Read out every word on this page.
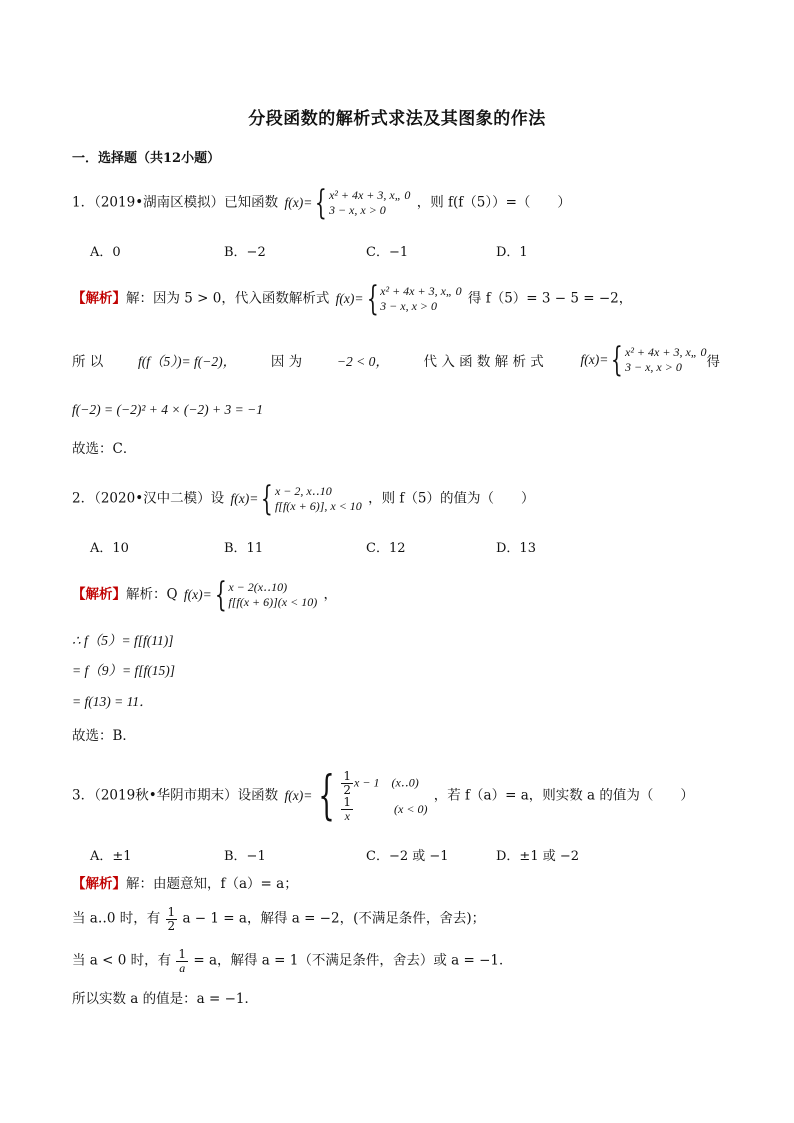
分段函数的解析式求法及其图象的作法
一．选择题（共12小题）
1．（2019•湖南区模拟）已知函数 f(x)= { x² + 4x + 3, x„ 0
3 − x, x > 0	，则 f(f（5））=（　　）
A．0	B．−2	C．−1	D．1
【解析】解：因为 5 > 0，代入函数解析式 f(x)= { x² + 4x + 3, x„ 0
3 − x, x > 0	得 f（5）= 3 − 5 = −2，
所 以	f(f（5）)= f(−2)，	因 为	−2 < 0，	代 入 函 数 解 析 式	f(x)= { x² + 4x + 3, x„ 0
3 − x, x > 0	得
f(−2) = (−2)² + 4 × (−2) + 3 = −1
故选：C．
2．（2020•汉中二模）设 f(x)= { x − 2, x‥10
f[f(x + 6)], x < 10 ，则 f（5）的值为（　　）
A．10	B．11	C．12	D．13
【解析】解析：Q f(x)= { x − 2(x‥10)
f[f(x + 6)](x < 10) ，
∴ f（5）= f[f(11)]
= f（9）= f[f(15)]
= f(13) = 11．
故选：B．
3．（2019秋•华阴市期末）设函数 f(x)= { $\frac{1}{2}$ x − 1　(x‥0)
$\frac{1}{x}$	(x < 0)
，若 f（a）= a，则实数 a 的值为（　　）
A．±1	B．−1	C．−2 或 −1	D．±1 或 −2
【解析】解：由题意知，f（a）= a；
当 a‥0 时，有 $\frac{1}{2}$ a − 1 = a，解得 a = −2，(不满足条件，舍去)；
当 a < 0 时，有 $\frac{1}{a} = a$，解得 a = 1（不满足条件，舍去）或 a = −1．
所以实数 a 的值是：a = −1．
